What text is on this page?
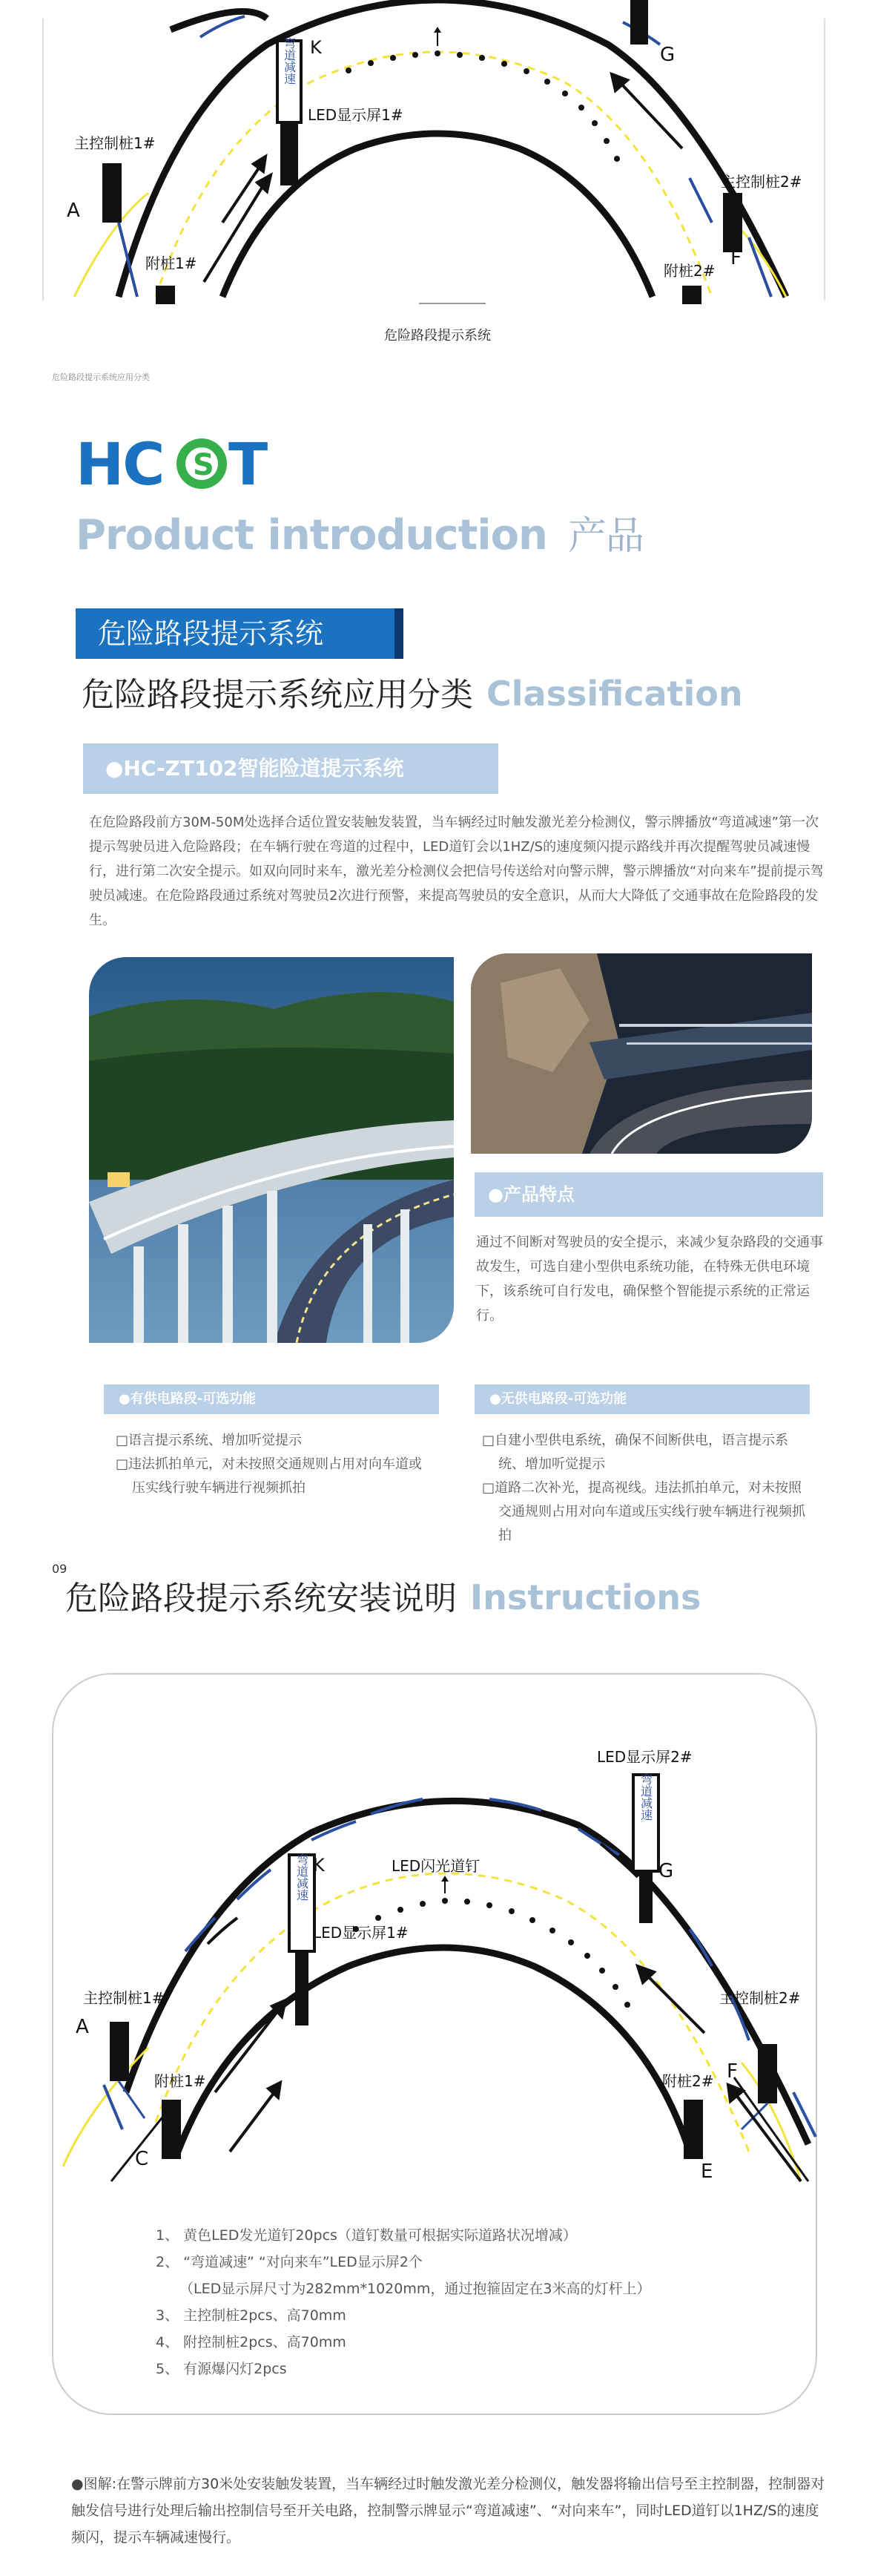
弯道减速 K	G
LED显示屏1#
主控制桩1#
A
主控制桩2#
F
附桩1#	附桩2#
危险路段提示系统
危险路段提示系统应用分类
HC S T
Product introduction 产品
危险路段提示系统
危险路段提示系统应用分类 Classification
●HC-ZT102智能险道提示系统
在危险路段前方30M-50M处选择合适位置安装触发装置，当车辆经过时触发激光差分检测仪，警示牌播放“弯道减速”第一次提示驾驶员进入危险路段；在车辆行驶在弯道的过程中，LED道钉会以1HZ/S的速度频闪提示路线并再次提醒驾驶员减速慢行，进行第二次安全提示。如双向同时来车，激光差分检测仪会把信号传送给对向警示牌，警示牌播放“对向来车”提前提示驾驶员减速。在危险路段通过系统对驾驶员2次进行预警，来提高驾驶员的安全意识，从而大大降低了交通事故在危险路段的发生。
●产品特点
通过不间断对驾驶员的安全提示，来减少复杂路段的交通事故发生，可选自建小型供电系统功能，在特殊无供电环境下，该系统可自行发电，确保整个智能提示系统的正常运行。
●有供电路段-可选功能
□语言提示系统、增加听觉提示
□违法抓拍单元，对未按照交通规则占用对向车道或压实线行驶车辆进行视频抓拍
●无供电路段-可选功能
□自建小型供电系统，确保不间断供电，语言提示系统、增加听觉提示
□道路二次补光，提高视线。违法抓拍单元，对未按照交通规则占用对向车道或压实线行驶车辆进行视频抓拍
09
危险路段提示系统安装说明 Instructions
弯道减速
弯道减速
LED显示屏2#
LED闪光道钉
K	G
LED显示屏1#
主控制桩1#	主控制桩2#
A
F
附桩1#	附桩2#
C
E
1、 黄色LED发光道钉20pcs（道钉数量可根据实际道路状况增减）
2、 “弯道减速” “对向来车”LED显示屏2个
（LED显示屏尺寸为282mm*1020mm，通过抱箍固定在3米高的灯杆上）
3、 主控制桩2pcs、高70mm
4、 附控制桩2pcs、高70mm
5、 有源爆闪灯2pcs
●图解:在警示牌前方30米处安装触发装置，当车辆经过时触发激光差分检测仪，触发器将输出信号至主控制器，控制器对触发信号进行处理后输出控制信号至开关电路，控制警示牌显示“弯道减速”、“对向来车”，同时LED道钉以1HZ/S的速度频闪，提示车辆减速慢行。
